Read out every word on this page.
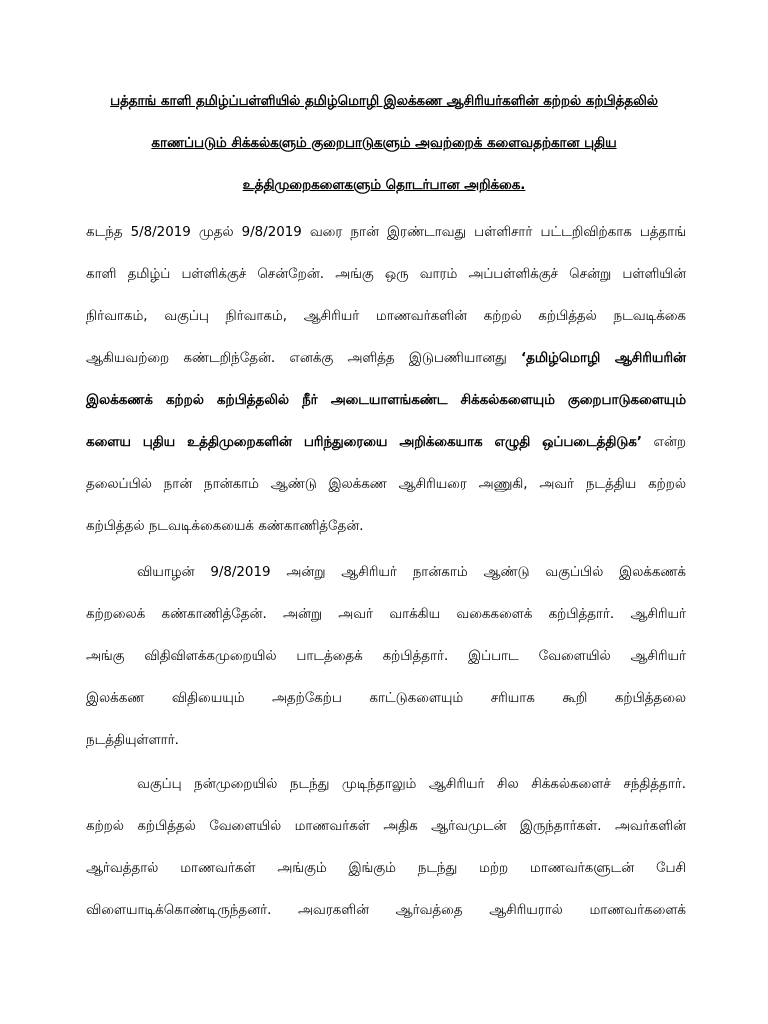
பத்தாங் காளி தமிழ்ப்பள்ளியில் தமிழ்மொழி இலக்கண ஆசிரியர்களின் கற்றல் கற்பித்தலில்
காணப்படும் சிக்கல்களும் குறைபாடுகளும் அவற்றைக் களைவதற்கான புதிய
உத்திமுறைகளைகளும் தொடர்பான அறிக்கை.
கடந்த 5/8/2019 முதல் 9/8/2019 வரை நான் இரண்டாவது பள்ளிசார் பட்டறிவிற்காக பத்தாங்
காளி தமிழ்ப் பள்ளிக்குச் சென்றேன். அங்கு ஒரு வாரம் அப்பள்ளிக்குச் சென்று பள்ளியின்
நிர்வாகம், வகுப்பு நிர்வாகம், ஆசிரியர் மாணவர்களின் கற்றல் கற்பித்தல் நடவடிக்கை
ஆகியவற்றை கண்டறிந்தேன். எனக்கு அளித்த இடுபணியானது ‘தமிழ்மொழி ஆசிரியரின்
இலக்கணக் கற்றல் கற்பித்தலில் நீர் அடையாளங்கண்ட சிக்கல்களையும் குறைபாடுகளையும்
களைய புதிய உத்திமுறைகளின் பரிந்துரையை அறிக்கையாக எழுதி ஒப்படைத்திடுக’ என்ற
தலைப்பில் நான் நான்காம் ஆண்டு இலக்கண ஆசிரியரை அணுகி, அவர் நடத்திய கற்றல்
கற்பித்தல் நடவடிக்கையைக் கண்காணித்தேன்.
வியாழன் 9/8/2019 அன்று ஆசிரியர் நான்காம் ஆண்டு வகுப்பில் இலக்கணக்
கற்றலைக் கண்காணித்தேன். அன்று அவர் வாக்கிய வகைகளைக் கற்பித்தார். ஆசிரியர்
அங்கு விதிவிளக்கமுறையில் பாடத்தைக் கற்பித்தார். இப்பாட வேளையில் ஆசிரியர்
இலக்கண விதியையும் அதற்கேற்ப காட்டுகளையும் சரியாக கூறி கற்பித்தலை
நடத்தியுள்ளார்.
வகுப்பு நன்முறையில் நடந்து முடிந்தாலும் ஆசிரியர் சில சிக்கல்களைச் சந்தித்தார்.
கற்றல் கற்பித்தல் வேளையில் மாணவர்கள் அதிக ஆர்வமுடன் இருந்தார்கள். அவர்களின்
ஆர்வத்தால் மாணவர்கள் அங்கும் இங்கும் நடந்து மற்ற மாணவர்களுடன் பேசி
விளையாடிக்கொண்டிருந்தனர். அவரகளின் ஆர்வத்தை ஆசிரியரால் மாணவர்களைக்
